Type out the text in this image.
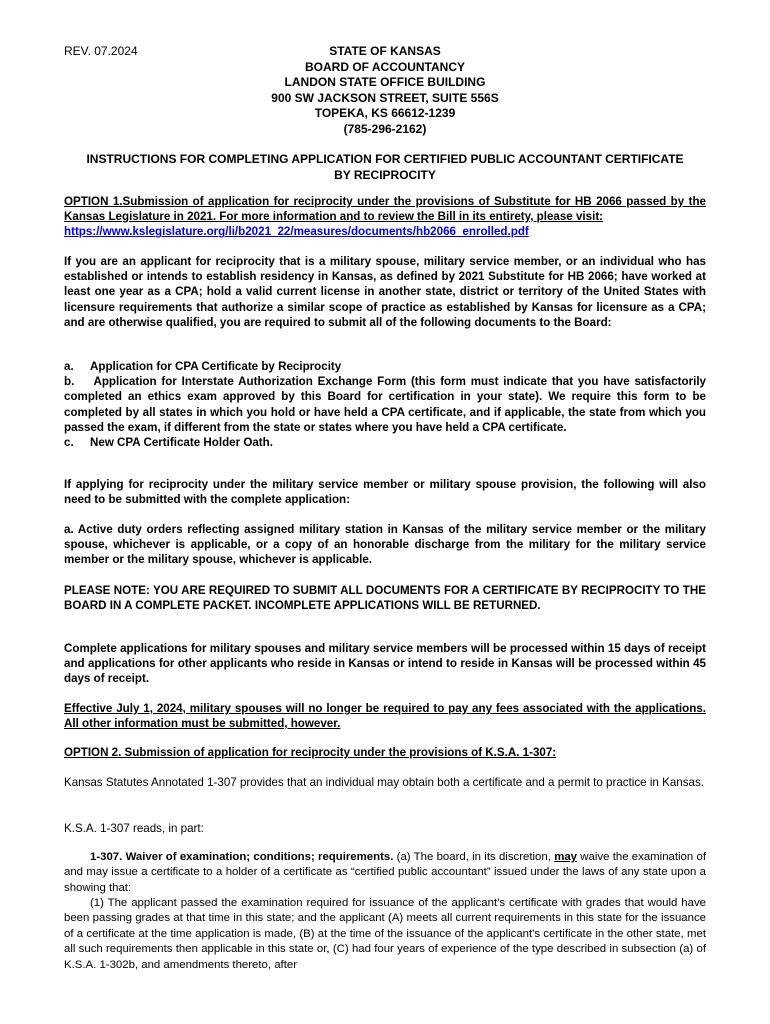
REV. 07.2024	STATE OF KANSAS
BOARD OF ACCOUNTANCY
LANDON STATE OFFICE BUILDING
900 SW JACKSON STREET, SUITE 556S
TOPEKA, KS 66612-1239
(785-296-2162)
INSTRUCTIONS FOR COMPLETING APPLICATION FOR CERTIFIED PUBLIC ACCOUNTANT CERTIFICATE
BY RECIPROCITY
OPTION 1.Submission of application for reciprocity under the provisions of Substitute for HB 2066 passed by the Kansas Legislature in 2021. For more information and to review the Bill in its entirety, please visit:
https://www.kslegislature.org/li/b2021_22/measures/documents/hb2066_enrolled.pdf
If you are an applicant for reciprocity that is a military spouse, military service member, or an individual who has established or intends to establish residency in Kansas, as defined by 2021 Substitute for HB 2066; have worked at least one year as a CPA; hold a valid current license in another state, district or territory of the United States with licensure requirements that authorize a similar scope of practice as established by Kansas for licensure as a CPA; and are otherwise qualified, you are required to submit all of the following documents to the Board:
a. Application for CPA Certificate by Reciprocity
b. Application for Interstate Authorization Exchange Form (this form must indicate that you have satisfactorily completed an ethics exam approved by this Board for certification in your state). We require this form to be completed by all states in which you hold or have held a CPA certificate, and if applicable, the state from which you passed the exam, if different from the state or states where you have held a CPA certificate.
c. New CPA Certificate Holder Oath.
If applying for reciprocity under the military service member or military spouse provision, the following will also need to be submitted with the complete application:
a. Active duty orders reflecting assigned military station in Kansas of the military service member or the military spouse, whichever is applicable, or a copy of an honorable discharge from the military for the military service member or the military spouse, whichever is applicable.
PLEASE NOTE: YOU ARE REQUIRED TO SUBMIT ALL DOCUMENTS FOR A CERTIFICATE BY RECIPROCITY TO THE BOARD IN A COMPLETE PACKET. INCOMPLETE APPLICATIONS WILL BE RETURNED.
Complete applications for military spouses and military service members will be processed within 15 days of receipt and applications for other applicants who reside in Kansas or intend to reside in Kansas will be processed within 45 days of receipt.
Effective July 1, 2024, military spouses will no longer be required to pay any fees associated with the applications. All other information must be submitted, however.
OPTION 2. Submission of application for reciprocity under the provisions of K.S.A. 1-307:
Kansas Statutes Annotated 1-307 provides that an individual may obtain both a certificate and a permit to practice in Kansas.
K.S.A. 1-307 reads, in part:
1-307. Waiver of examination; conditions; requirements. (a) The board, in its discretion, may waive the examination of and may issue a certificate to a holder of a certificate as “certified public accountant” issued under the laws of any state upon a showing that:
(1) The applicant passed the examination required for issuance of the applicant’s certificate with grades that would have been passing grades at that time in this state; and the applicant (A) meets all current requirements in this state for the issuance of a certificate at the time application is made, (B) at the time of the issuance of the applicant's certificate in the other state, met all such requirements then applicable in this state or, (C) had four years of experience of the type described in subsection (a) of K.S.A. 1-302b, and amendments thereto, after
